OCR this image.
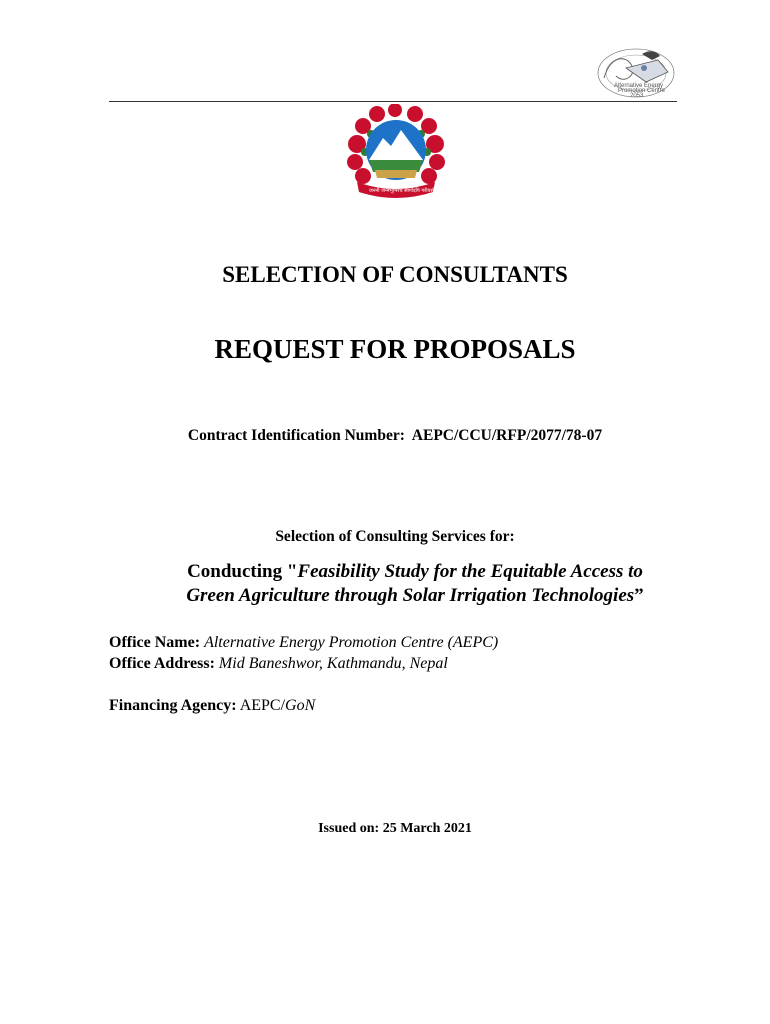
Alternative Energy
Promotion Centre
2053
जननी जन्मभूमिश्च स्वर्गादपि गरीयसी
SELECTION OF CONSULTANTS
REQUEST FOR PROPOSALS
Contract Identification Number: AEPC/CCU/RFP/2077/78-07
Selection of Consulting Services for:
Conducting "Feasibility Study for the Equitable Access to
Green Agriculture through Solar Irrigation Technologies”
Office Name: Alternative Energy Promotion Centre (AEPC)
Office Address: Mid Baneshwor, Kathmandu, Nepal
Financing Agency: AEPC/GoN
Issued on: 25 March 2021
